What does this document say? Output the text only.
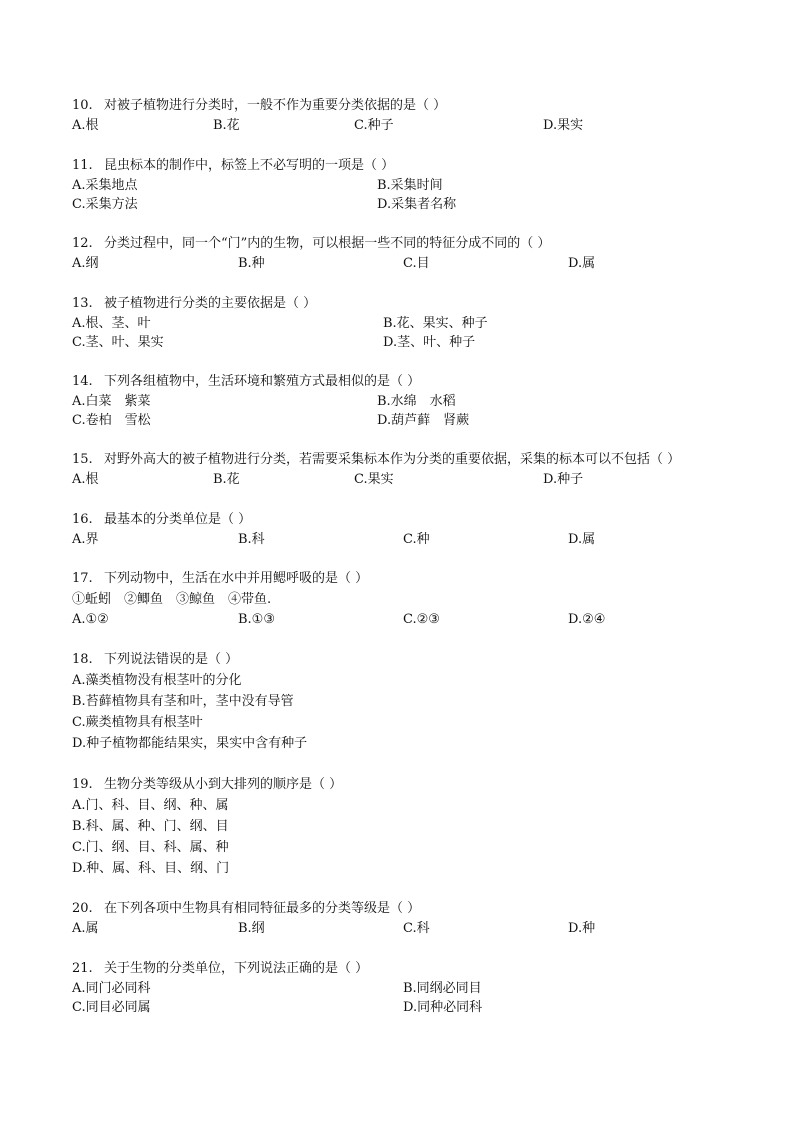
10. 对被子植物进行分类时，一般不作为重要分类依据的是（ ）
A.根	B.花	C.种子	D.果实
11. 昆虫标本的制作中，标签上不必写明的一项是（ ）
A.采集地点	B.采集时间
C.采集方法	D.采集者名称
12. 分类过程中，同一个“门”内的生物，可以根据一些不同的特征分成不同的（ ）
A.纲	B.种	C.目	D.属
13. 被子植物进行分类的主要依据是（ ）
A.根、茎、叶	B.花、果实、种子
C.茎、叶、果实	D.茎、叶、种子
14. 下列各组植物中，生活环境和繁殖方式最相似的是（ ）
A.白菜　紫菜	B.水绵　水稻
C.卷柏　雪松	D.葫芦藓　肾蕨
15. 对野外高大的被子植物进行分类，若需要采集标本作为分类的重要依据，采集的标本可以不包括（ ）
A.根	B.花	C.果实	D.种子
16. 最基本的分类单位是（ ）
A.界	B.科	C.种	D.属
17. 下列动物中，生活在水中并用鳃呼吸的是（ ）
①蚯蚓　②鲫鱼　③鲸鱼　④带鱼.
A.①②	B.①③	C.②③	D.②④
18. 下列说法错误的是（ ）
A.藻类植物没有根茎叶的分化
B.苔藓植物具有茎和叶，茎中没有导管
C.蕨类植物具有根茎叶
D.种子植物都能结果实，果实中含有种子
19. 生物分类等级从小到大排列的顺序是（ ）
A.门、科、目、纲、种、属
B.科、属、种、门、纲、目
C.门、纲、目、科、属、种
D.种、属、科、目、纲、门
20. 在下列各项中生物具有相同特征最多的分类等级是（ ）
A.属	B.纲	C.科	D.种
21. 关于生物的分类单位，下列说法正确的是（ ）
A.同门必同科	B.同纲必同目
C.同目必同属	D.同种必同科
